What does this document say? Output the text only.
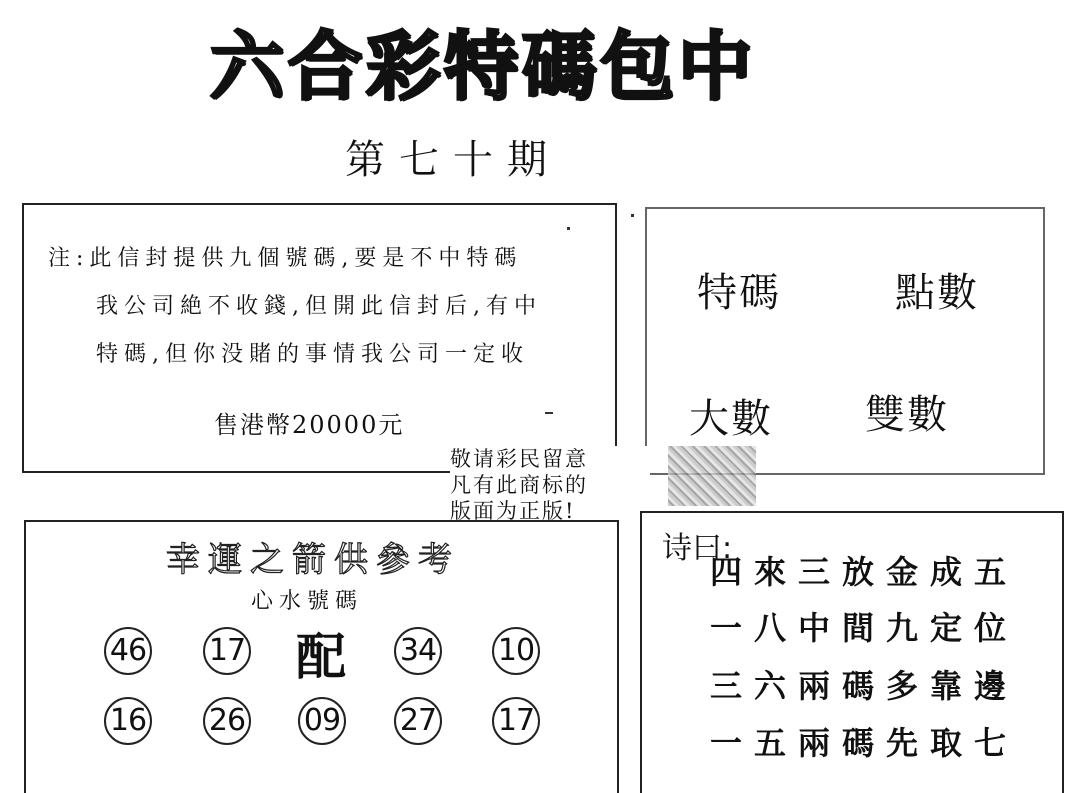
六合彩特碼包中
第七十期
注:此信封提供九個號碼,要是不中特碼
我公司絶不收錢,但開此信封后,有中
特碼,但你没賭的事情我公司一定收
售港幣20000元
特碼	點數
大數 雙數
敬请彩民留意
凡有此商标的
版面为正版!
幸運之箭供參考
心水號碼
46 17 配 34 10
16 26 09 27 17
诗曰:
四來三放金成五
一八中間九定位
三六兩碼多靠邊
一五兩碼先取七
